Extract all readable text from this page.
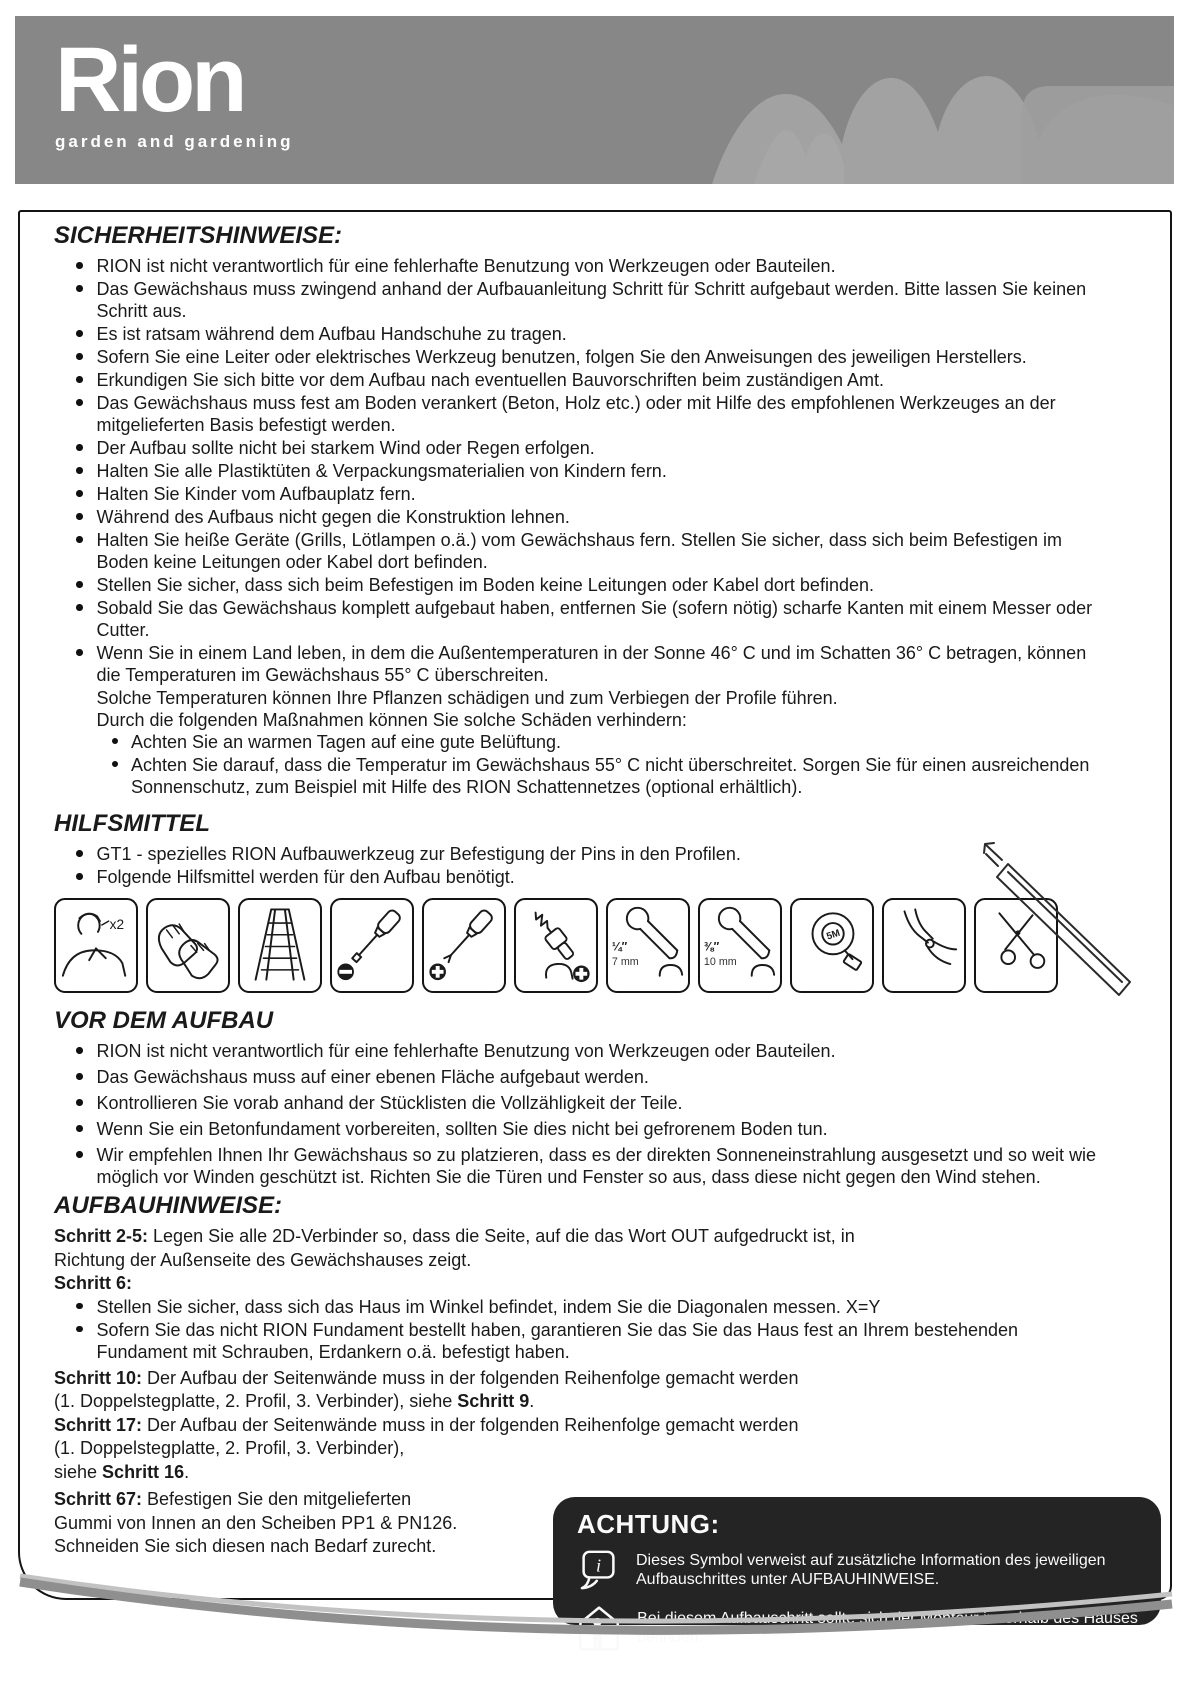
Rion
garden and gardening
SICHERHEITSHINWEISE:
RION ist nicht verantwortlich für eine fehlerhafte Benutzung von Werkzeugen oder Bauteilen.
Das Gewächshaus muss zwingend anhand der Aufbauanleitung Schritt für Schritt aufgebaut werden. Bitte lassen Sie keinen Schritt aus.
Es ist ratsam während dem Aufbau Handschuhe zu tragen.
Sofern Sie eine Leiter oder elektrisches Werkzeug benutzen, folgen Sie den Anweisungen des jeweiligen Herstellers.
Erkundigen Sie sich bitte vor dem Aufbau nach eventuellen Bauvorschriften beim zuständigen Amt.
Das Gewächshaus muss fest am Boden verankert (Beton, Holz etc.) oder mit Hilfe des empfohlenen Werkzeuges an der mitgelieferten Basis befestigt werden.
Der Aufbau sollte nicht bei starkem Wind oder Regen erfolgen.
Halten Sie alle Plastiktüten & Verpackungsmaterialien von Kindern fern.
Halten Sie Kinder vom Aufbauplatz fern.
Während des Aufbaus nicht gegen die Konstruktion lehnen.
Halten Sie heiße Geräte (Grills, Lötlampen o.ä.) vom Gewächshaus fern. Stellen Sie sicher, dass sich beim Befestigen im Boden keine Leitungen oder Kabel dort befinden.
Stellen Sie sicher, dass sich beim Befestigen im Boden keine Leitungen oder Kabel dort befinden.
Sobald Sie das Gewächshaus komplett aufgebaut haben, entfernen Sie (sofern nötig) scharfe Kanten mit einem Messer oder Cutter.
Wenn Sie in einem Land leben, in dem die Außentemperaturen in der Sonne 46° C und im Schatten 36° C betragen, können die Temperaturen im Gewächshaus 55° C überschreiten.
Solche Temperaturen können Ihre Pflanzen schädigen und zum Verbiegen der Profile führen.
Durch die folgenden Maßnahmen können Sie solche Schäden verhindern:
Achten Sie an warmen Tagen auf eine gute Belüftung.
Achten Sie darauf, dass die Temperatur im Gewächshaus 55° C nicht überschreitet. Sorgen Sie für einen ausreichenden Sonnenschutz, zum Beispiel mit Hilfe des RION Schattennetzes (optional erhältlich).
HILFSMITTEL
GT1 - spezielles RION Aufbauwerkzeug zur Befestigung der Pins in den Profilen.
Folgende Hilfsmittel werden für den Aufbau benötigt.
x2
¼″
7 mm
⅜″
10 mm
5M
VOR DEM AUFBAU
RION ist nicht verantwortlich für eine fehlerhafte Benutzung von Werkzeugen oder Bauteilen.
Das Gewächshaus muss auf einer ebenen Fläche aufgebaut werden.
Kontrollieren Sie vorab anhand der Stücklisten die Vollzähligkeit der Teile.
Wenn Sie ein Betonfundament vorbereiten, sollten Sie dies nicht bei gefrorenem Boden tun.
Wir empfehlen Ihnen Ihr Gewächshaus so zu platzieren, dass es der direkten Sonneneinstrahlung ausgesetzt und so weit wie möglich vor Winden geschützt ist. Richten Sie die Türen und Fenster so aus, dass diese nicht gegen den Wind stehen.
AUFBAUHINWEISE:

Schritt 2-5: Legen Sie alle 2D-Verbinder so, dass die Seite, auf die das Wort OUT aufgedruckt ist, in
Richtung der Außenseite des Gewächshauses zeigt.

Schritt 6:

Stellen Sie sicher, dass sich das Haus im Winkel befindet, indem Sie die Diagonalen messen. X=Y
Sofern Sie das nicht RION Fundament bestellt haben, garantieren Sie das Sie das Haus fest an Ihrem bestehenden Fundament mit Schrauben, Erdankern o.ä. befestigt haben.

Schritt 10: Der Aufbau der Seitenwände muss in der folgenden Reihenfolge gemacht werden
(1. Doppelstegplatte, 2. Profil, 3. Verbinder), siehe Schritt 9.

Schritt 17: Der Aufbau der Seitenwände muss in der folgenden Reihenfolge gemacht werden
(1. Doppelstegplatte, 2. Profil, 3. Verbinder),
siehe Schritt 16.

Schritt 67: Befestigen Sie den mitgelieferten
Gummi von Innen an den Scheiben PP1 & PN126.
Schneiden Sie sich diesen nach Bedarf zurecht.

ACHTUNG:
i Dieses Symbol verweist auf zusätzliche Information des jeweiligen Aufbauschrittes unter AUFBAUHINWEISE.
Bei diesem Aufbauschritt sollte sich der Monteur innerhalb des Hauses befinden.
